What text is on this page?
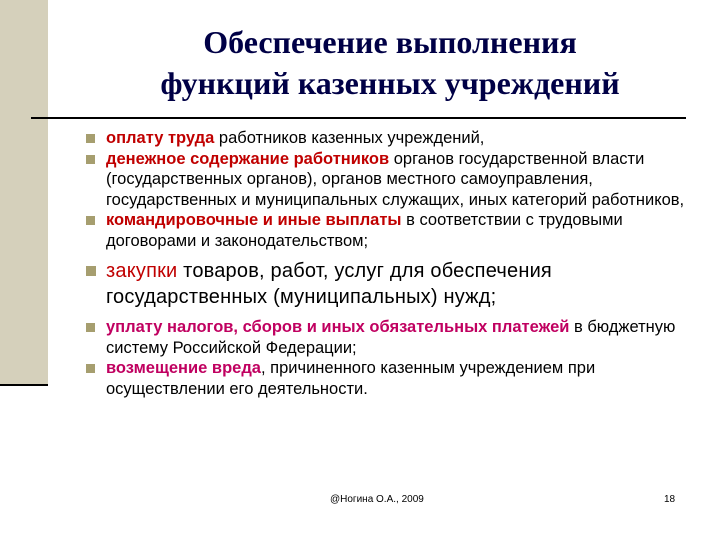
Обеспечение выполнения
функций казенных учреждений
оплату труда работников казенных учреждений,
денежное содержание работников органов государственной власти (государственных органов), органов местного самоуправления, государственных и муниципальных служащих, иных категорий работников,
командировочные и иные выплаты в соответствии с трудовыми договорами и законодательством;
закупки товаров, работ, услуг для обеспечения государственных (муниципальных) нужд;
уплату налогов, сборов и иных обязательных платежей в бюджетную систему Российской Федерации;
возмещение вреда, причиненного казенным учреждением при осуществлении его деятельности.
@Ногина О.А., 2009	18
